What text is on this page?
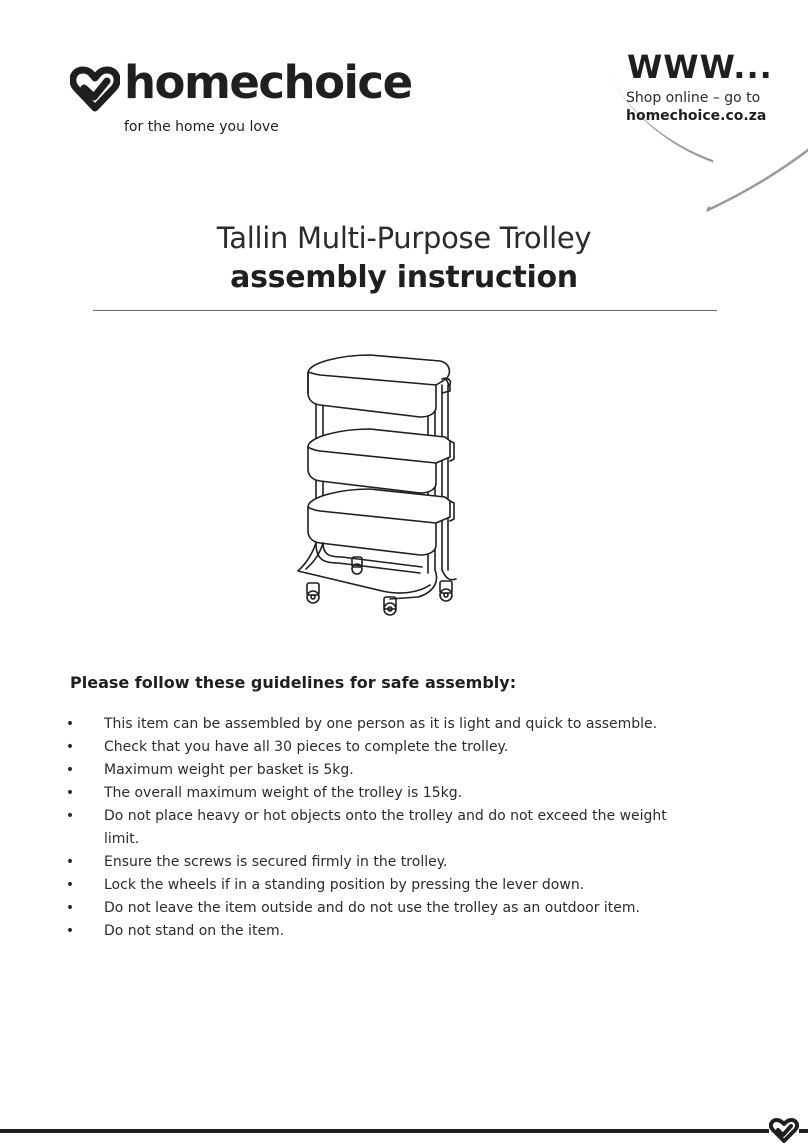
homechoice
for the home you love
WWW...
Shop online – go to
homechoice.co.za
Tallin Multi-Purpose Trolley
assembly instruction
Please follow these guidelines for safe assembly:
• This item can be assembled by one person as it is light and quick to assemble.
• Check that you have all 30 pieces to complete the trolley.
• Maximum weight per basket is 5kg.
• The overall maximum weight of the trolley is 15kg.
• Do not place heavy or hot objects onto the trolley and do not exceed the weight limit.
• Ensure the screws is secured firmly in the trolley.
• Lock the wheels if in a standing position by pressing the lever down.
• Do not leave the item outside and do not use the trolley as an outdoor item.
• Do not stand on the item.
